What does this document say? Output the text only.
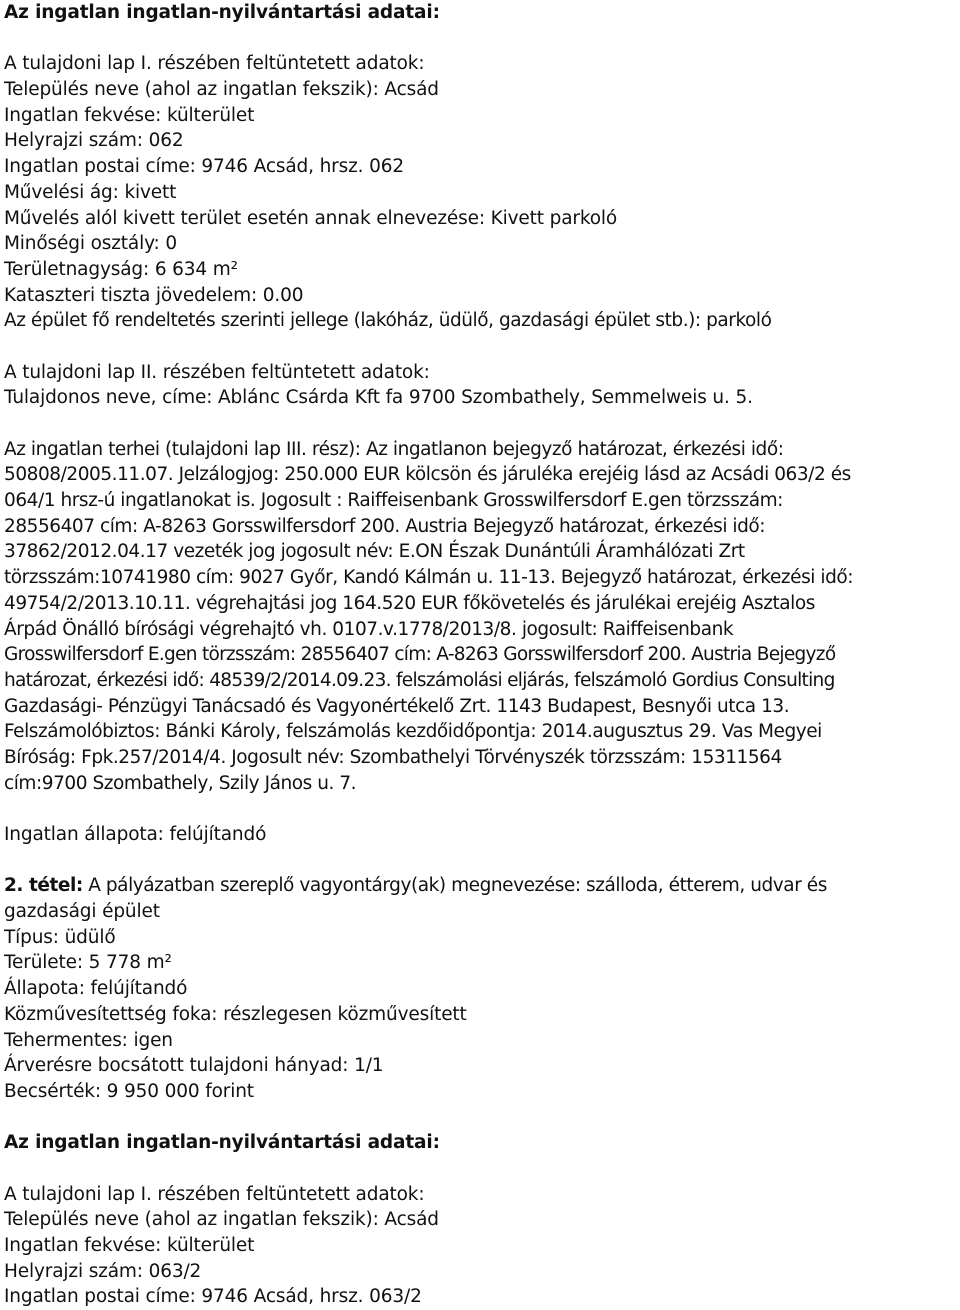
Az ingatlan ingatlan-nyilvántartási adatai:
A tulajdoni lap I. részében feltüntetett adatok:
Település neve (ahol az ingatlan fekszik): Acsád
Ingatlan fekvése: külterület
Helyrajzi szám: 062
Ingatlan postai címe: 9746 Acsád, hrsz. 062
Művelési ág: kivett
Művelés alól kivett terület esetén annak elnevezése: Kivett parkoló
Minőségi osztály: 0
Területnagyság: 6 634 m²
Kataszteri tiszta jövedelem: 0.00
Az épület fő rendeltetés szerinti jellege (lakóház, üdülő, gazdasági épület stb.): parkoló
A tulajdoni lap II. részében feltüntetett adatok:
Tulajdonos neve, címe: Ablánc Csárda Kft fa 9700 Szombathely, Semmelweis u. 5.
Az ingatlan terhei (tulajdoni lap III. rész): Az ingatlanon bejegyző határozat, érkezési idő:
50808/2005.11.07. Jelzálogjog: 250.000 EUR kölcsön és járuléka erejéig lásd az Acsádi 063/2 és
064/1 hrsz-ú ingatlanokat is. Jogosult : Raiffeisenbank Grosswilfersdorf E.gen törzsszám:
28556407 cím: A-8263 Gorsswilfersdorf 200. Austria Bejegyző határozat, érkezési idő:
37862/2012.04.17 vezeték jog jogosult név: E.ON Észak Dunántúli Áramhálózati Zrt
törzsszám:10741980 cím: 9027 Győr, Kandó Kálmán u. 11-13. Bejegyző határozat, érkezési idő:
49754/2/2013.10.11. végrehajtási jog 164.520 EUR főkövetelés és járulékai erejéig Asztalos
Árpád Önálló bírósági végrehajtó vh. 0107.v.1778/2013/8. jogosult: Raiffeisenbank
Grosswilfersdorf E.gen törzsszám: 28556407 cím: A-8263 Gorsswilfersdorf 200. Austria Bejegyző
határozat, érkezési idő: 48539/2/2014.09.23. felszámolási eljárás, felszámoló Gordius Consulting
Gazdasági- Pénzügyi Tanácsadó és Vagyonértékelő Zrt. 1143 Budapest, Besnyői utca 13.
Felszámolóbiztos: Bánki Károly, felszámolás kezdőidőpontja: 2014.augusztus 29. Vas Megyei
Bíróság: Fpk.257/2014/4. Jogosult név: Szombathelyi Törvényszék törzsszám: 15311564
cím:9700 Szombathely, Szily János u. 7.
Ingatlan állapota: felújítandó
2. tétel: A pályázatban szereplő vagyontárgy(ak) megnevezése: szálloda, étterem, udvar és
gazdasági épület
Típus: üdülő
Területe: 5 778 m²
Állapota: felújítandó
Közművesítettség foka: részlegesen közművesített
Tehermentes: igen
Árverésre bocsátott tulajdoni hányad: 1/1
Becsérték: 9 950 000 forint
Az ingatlan ingatlan-nyilvántartási adatai:
A tulajdoni lap I. részében feltüntetett adatok:
Település neve (ahol az ingatlan fekszik): Acsád
Ingatlan fekvése: külterület
Helyrajzi szám: 063/2
Ingatlan postai címe: 9746 Acsád, hrsz. 063/2
